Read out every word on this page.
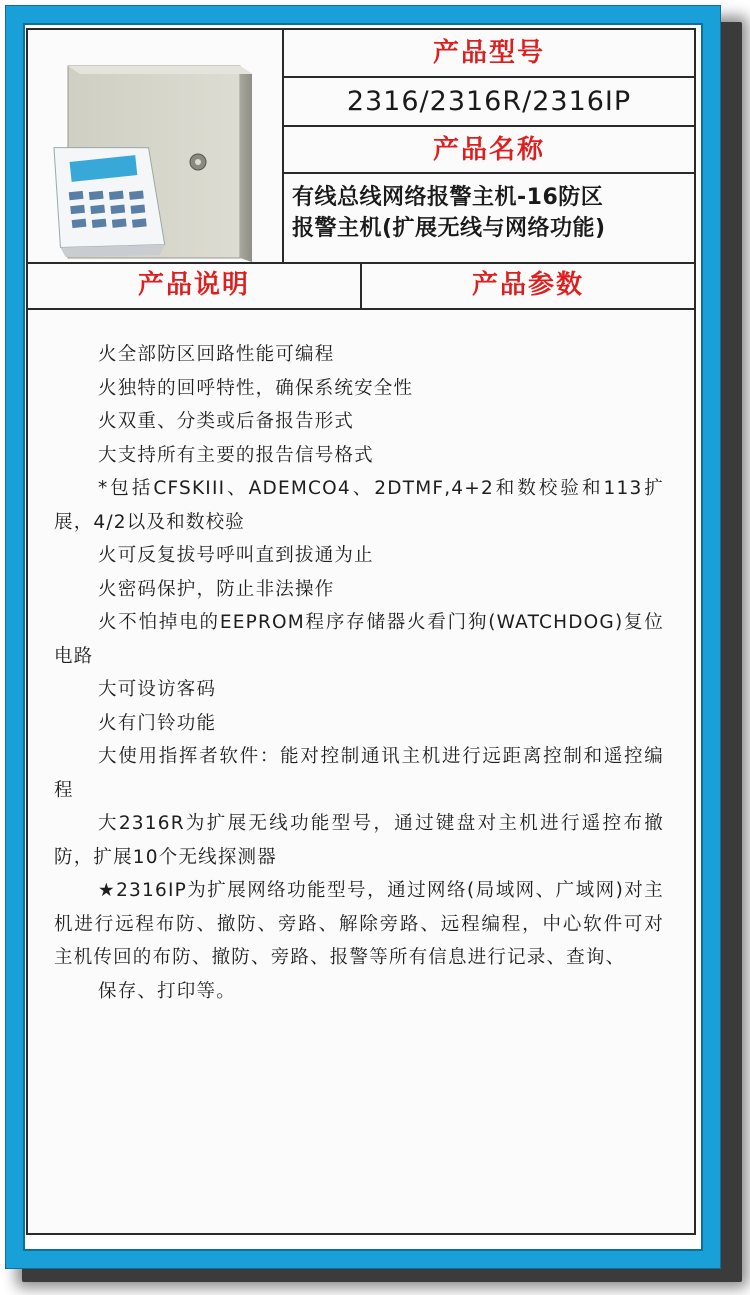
产品型号
2316/2316R/2316IP
产品名称
有线总线网络报警主机-16防区
报警主机(扩展无线与网络功能)
产品说明	产品参数

火全部防区回路性能可编程

火独特的回呼特性，确保系统安全性

火双重、分类或后备报告形式

大支持所有主要的报告信号格式

*包括CFSKIII、ADEMCO4、2DTMF,4+2和数校验和113扩展，4/2以及和数校验

火可反复拔号呼叫直到拔通为止

火密码保护，防止非法操作

火不怕掉电的EEPROM程序存储器火看门狗(WATCHDOG)复位电路

大可设访客码

火有门铃功能

大使用指挥者软件：能对控制通讯主机进行远距离控制和遥控编程

大2316R为扩展无线功能型号，通过键盘对主机进行遥控布撤防，扩展10个无线探测器

★2316IP为扩展网络功能型号，通过网络(局域网、广域网)对主机进行远程布防、撤防、旁路、解除旁路、远程编程，中心软件可对主机传回的布防、撤防、旁路、报警等所有信息进行记录、查询、

保存、打印等。
